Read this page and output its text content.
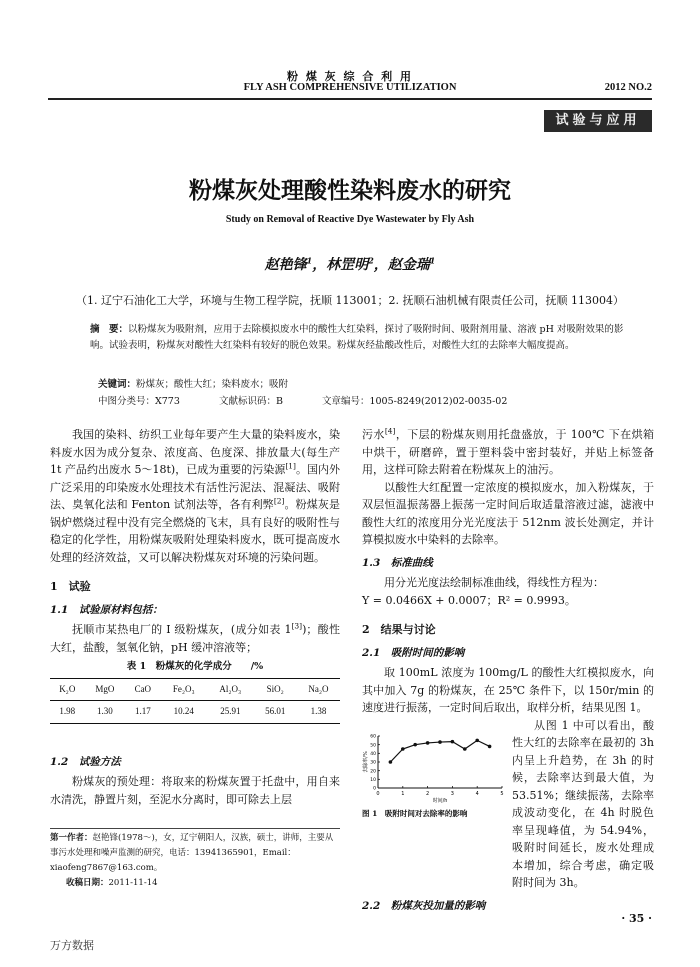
粉 煤 灰 综 合 利 用
FLY ASH COMPREHENSIVE UTILIZATION	2012 NO.2
试验与应用
粉煤灰处理酸性染料废水的研究
Study on Removal of Reactive Dye Wastewater by Fly Ash
赵艳锋$^1$，林罡明$^2$，赵金瑞$^1$
（1. 辽宁石油化工大学，环境与生物工程学院，抚顺 113001；2. 抚顺石油机械有限责任公司，抚顺 113004）
摘　要：以粉煤灰为吸附剂，应用于去除模拟废水中的酸性大红染料，探讨了吸附时间、吸附剂用量、溶液 pH 对吸附效果的影响。试验表明，粉煤灰对酸性大红染料有较好的脱色效果。粉煤灰经盐酸改性后，对酸性大红的去除率大幅度提高。
关键词：粉煤灰；酸性大红；染料废水；吸附
中图分类号：X773	文献标识码：B	文章编号：1005-8249(2012)02-0035-02

我国的染料、纺织工业每年要产生大量的染料废水，染料废水因为成分复杂、浓度高、色度深、排放量大(每生产 1t 产品约出废水 5～18t)，已成为重要的污染源[1]。国内外广泛采用的印染废水处理技术有活性污泥法、混凝法、吸附法、臭氧化法和 Fenton 试剂法等，各有利弊[2]。粉煤灰是锅炉燃烧过程中没有完全燃烧的飞末，具有良好的吸附性与稳定的化学性，用粉煤灰吸附处理染料废水，既可提高废水处理的经济效益，又可以解决粉煤灰对环境的污染问题。

1　试验
1.1　试验原材料包括：

抚顺市某热电厂的 I 级粉煤灰，(成分如表 1[3])；酸性大红，盐酸，氢氧化钠，pH 缓冲溶液等；

表 1　粉煤灰的化学成分　　/%
K₂O	MgO	CaO	Fe₂O₃	Al₂O₃	SiO₂	Na₂O
1.98	1.30	1.17	10.24	25.91	56.01	1.38
1.2　试验方法

粉煤灰的预处理：将取来的粉煤灰置于托盘中，用自来水清洗，静置片刻，至泥水分离时，即可除去上层

第一作者：赵艳锋(1978～)，女，辽宁朝阳人，汉族，硕士，讲师，主要从事污水处理和噪声监测的研究，电话：13941365901，Email：xiaofeng7867@163.com。
收稿日期：2011-11-14

污水[4]，下层的粉煤灰则用托盘盛放，于 100℃ 下在烘箱中烘干，研磨碎，置于塑料袋中密封装好，并贴上标签备用，这样可除去附着在粉煤灰上的油污。

以酸性大红配置一定浓度的模拟废水，加入粉煤灰，于双层恒温振荡器上振荡一定时间后取适量溶液过滤，滤液中酸性大红的浓度用分光光度法于 512nm 波长处测定，并计算模拟废水中染料的去除率。

1.3　标准曲线

用分光光度法绘制标准曲线，得线性方程为：

Y = 0.0466X + 0.0007；R² = 0.9993。

2　结果与讨论
2.1　吸附时间的影响

取 100mL 浓度为 100mg/L 的酸性大红模拟废水，向其中加入 7g 的粉煤灰，在 25℃ 条件下，以 150r/min 的速度进行振荡，一定时间后取出，取样分析，结果见图 1。

从图 1 中可以看出，酸性大红的去除率在最初的 3h 内呈上升趋势，在 3h 的时候，去除率达到最大值，为 53.51%；继续振荡，去除率成波动变化，在 4h 时脱色率呈现峰值，为 54.94%，吸附时间延长，废水处理成本增加，综合考虑，确定吸附时间为 3h。

2.2　粉煤灰投加量的影响
0	1	2	3	4	5
0
10
20
30
40
50
60
时间/h
去除率/%
图 1　吸附时间对去除率的影响
· 35 ·
万方数据
